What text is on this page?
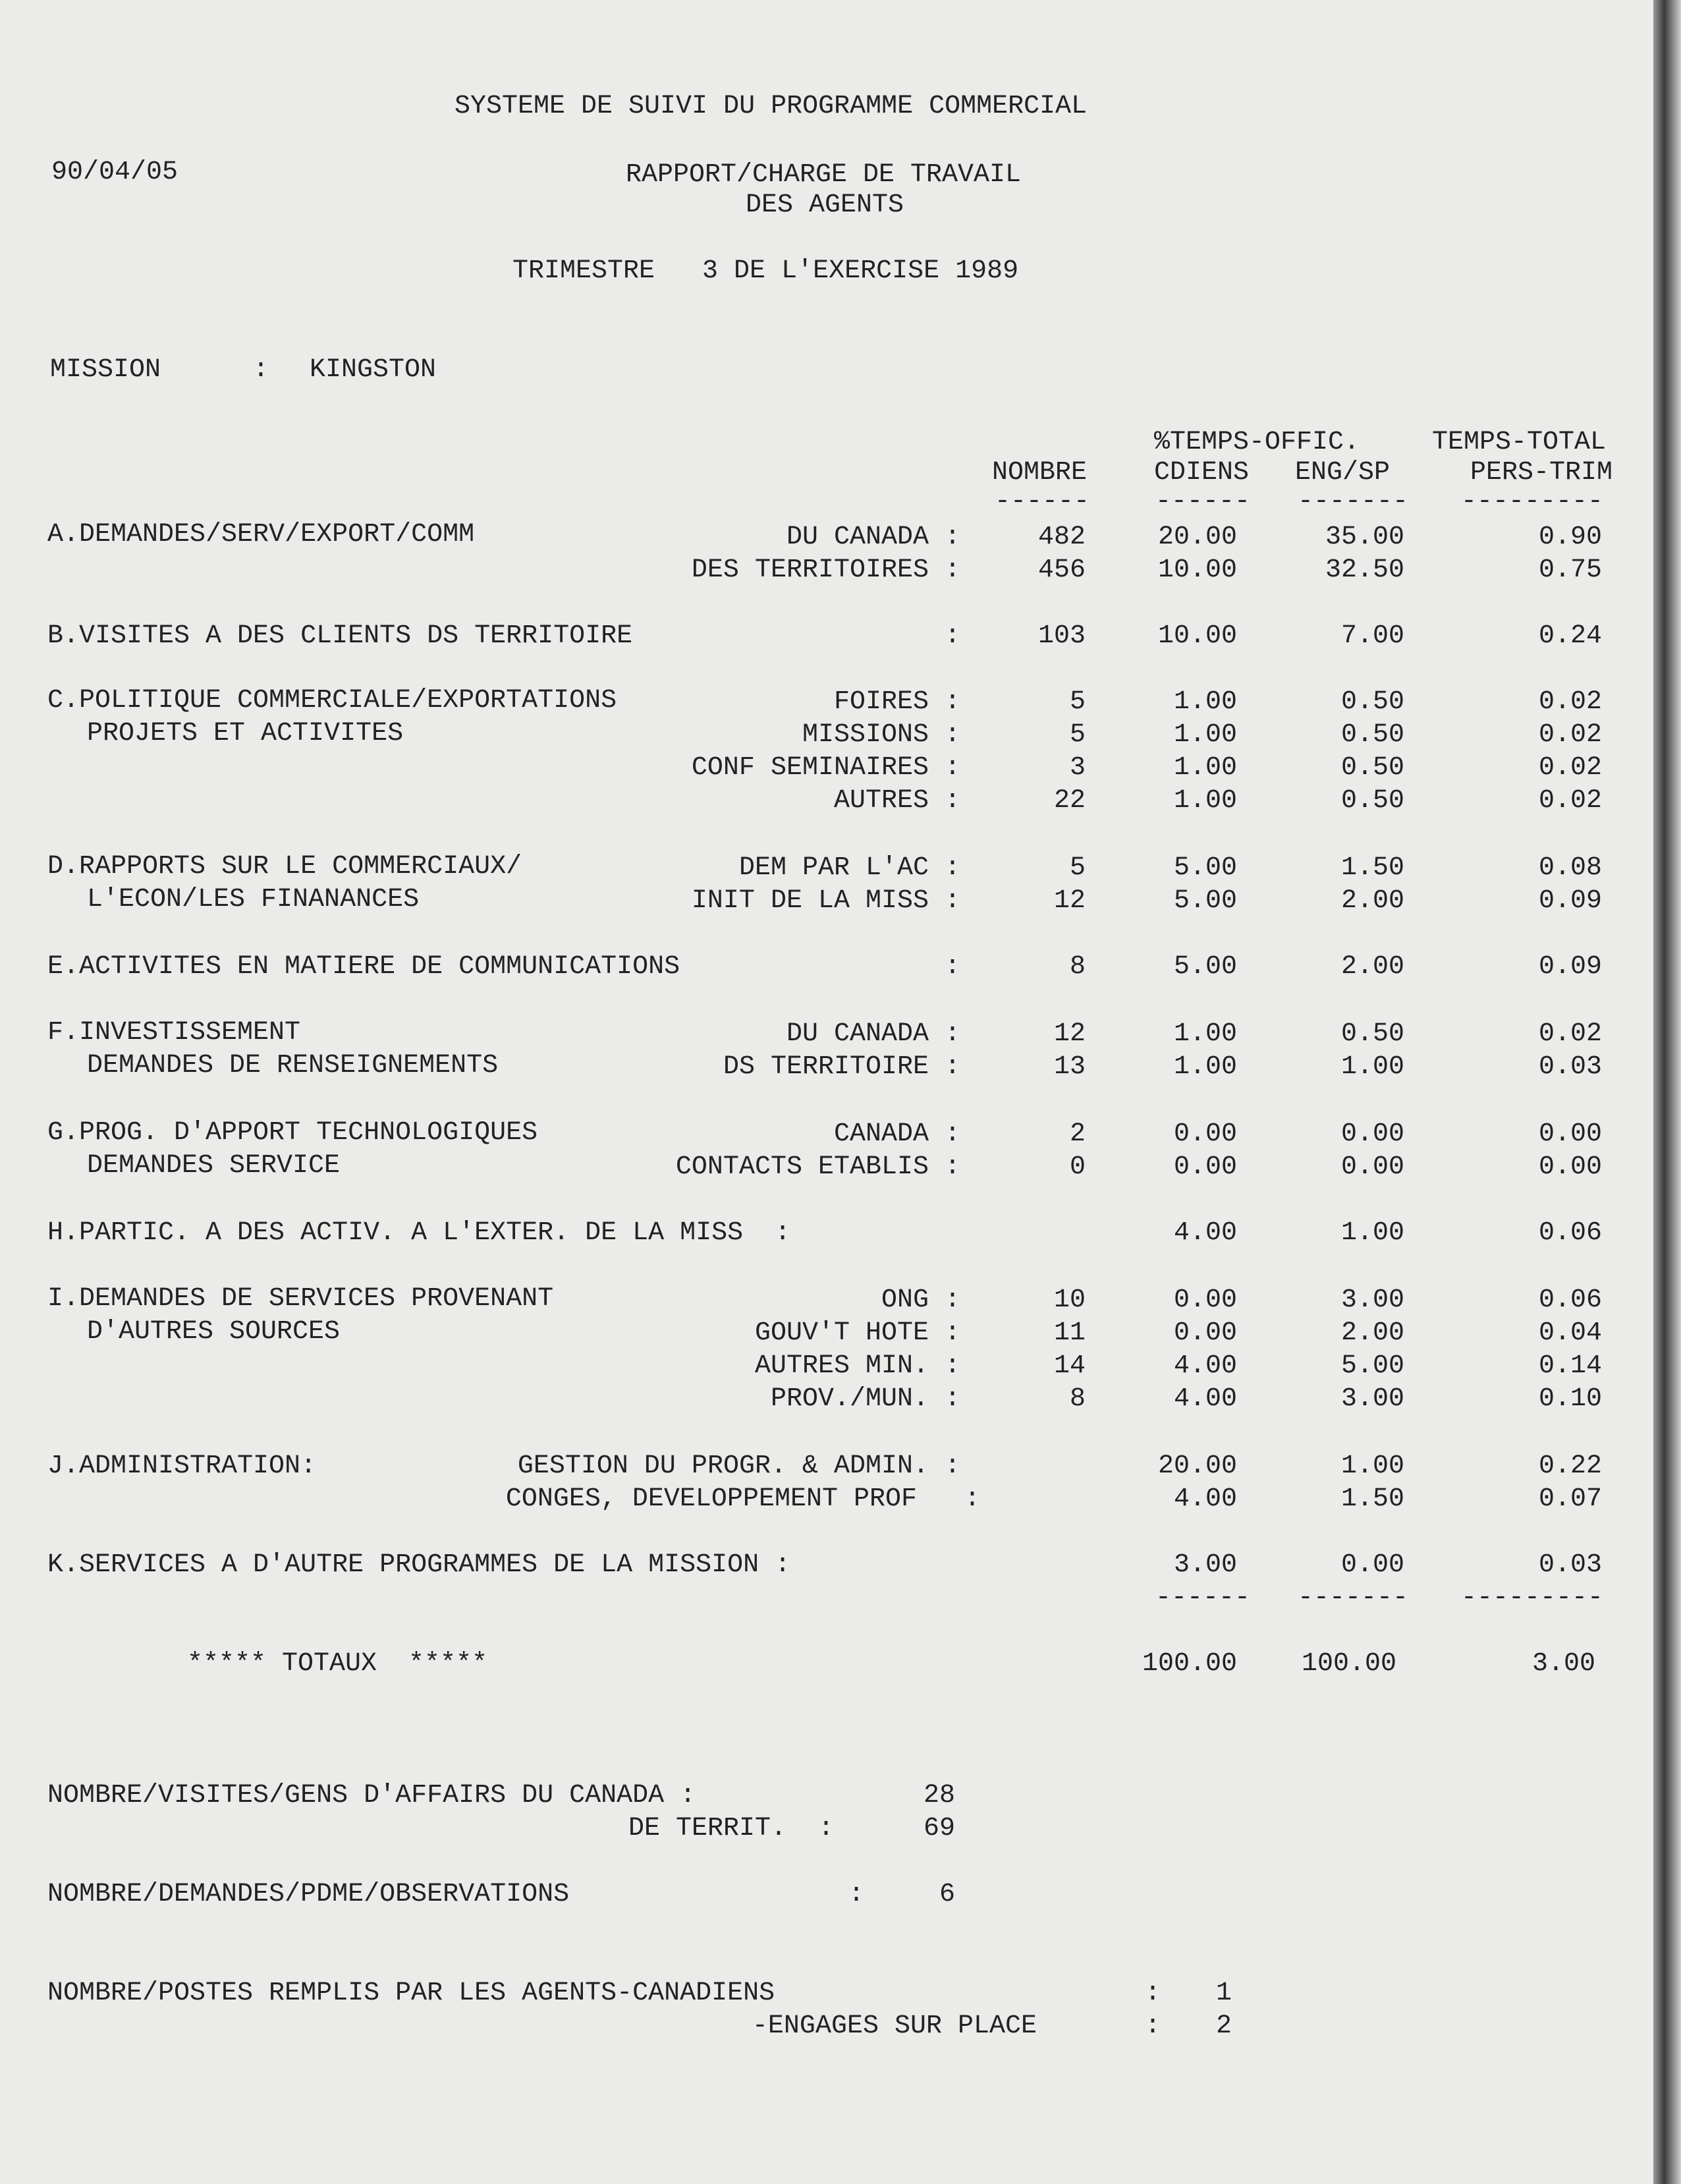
SYSTEME DE SUIVI DU PROGRAMME COMMERCIAL
90/04/05	RAPPORT/CHARGE DE TRAVAIL
DES AGENTS
TRIMESTRE   3 DE L'EXERCISE 1989
MISSION	: KINGSTON
%TEMPS-OFFIC.	TEMPS-TOTAL
NOMBRE	CDIENS ENG/SP	PERS-TRIM
------ ------ ------- ---------
A.DEMANDES/SERV/EXPORT/COMM	DU CANADA :	482	20.00	35.00	0.90
DES TERRITOIRES :	456	10.00	32.50	0.75
B.VISITES A DES CLIENTS DS TERRITOIRE	:	103	10.00	7.00	0.24
C.POLITIQUE COMMERCIALE/EXPORTATIONS
PROJETS ET ACTIVITES
FOIRES :	5	1.00	0.50	0.02
MISSIONS :	5	1.00	0.50	0.02
CONF SEMINAIRES :	3	1.00	0.50	0.02
AUTRES :	22	1.00	0.50	0.02
D.RAPPORTS SUR LE COMMERCIAUX/
L'ECON/LES FINANANCES
DEM PAR L'AC :	5	5.00	1.50	0.08
INIT DE LA MISS :	12	5.00	2.00	0.09
E.ACTIVITES EN MATIERE DE COMMUNICATIONS	:	8	5.00	2.00	0.09
F.INVESTISSEMENT
DEMANDES DE RENSEIGNEMENTS
DU CANADA :	12	1.00	0.50	0.02
DS TERRITOIRE :	13	1.00	1.00	0.03
G.PROG. D'APPORT TECHNOLOGIQUES
DEMANDES SERVICE
CANADA :	2	0.00	0.00	0.00
CONTACTS ETABLIS :	0	0.00	0.00	0.00
H.PARTIC. A DES ACTIV. A L'EXTER. DE LA MISS  :	4.00	1.00	0.06
I.DEMANDES DE SERVICES PROVENANT
D'AUTRES SOURCES
ONG :	10	0.00	3.00	0.06
GOUV'T HOTE :	11	0.00	2.00	0.04
AUTRES MIN. :	14	4.00	5.00	0.14
PROV./MUN. :	8	4.00	3.00	0.10
J.ADMINISTRATION:	GESTION DU PROGR. & ADMIN. :	20.00	1.00	0.22
CONGES, DEVELOPPEMENT PROF   :	4.00	1.50	0.07
K.SERVICES A D'AUTRE PROGRAMMES DE LA MISSION :	3.00	0.00	0.03
------ ------- ---------
***** TOTAUX  *****	100.00 100.00	3.00
NOMBRE/VISITES/GENS D'AFFAIRS DU CANADA :	28
DE TERRIT.  :	69
NOMBRE/DEMANDES/PDME/OBSERVATIONS	:	6
NOMBRE/POSTES REMPLIS PAR LES AGENTS-CANADIENS	: 1
-ENGAGES SUR PLACE	: 2
